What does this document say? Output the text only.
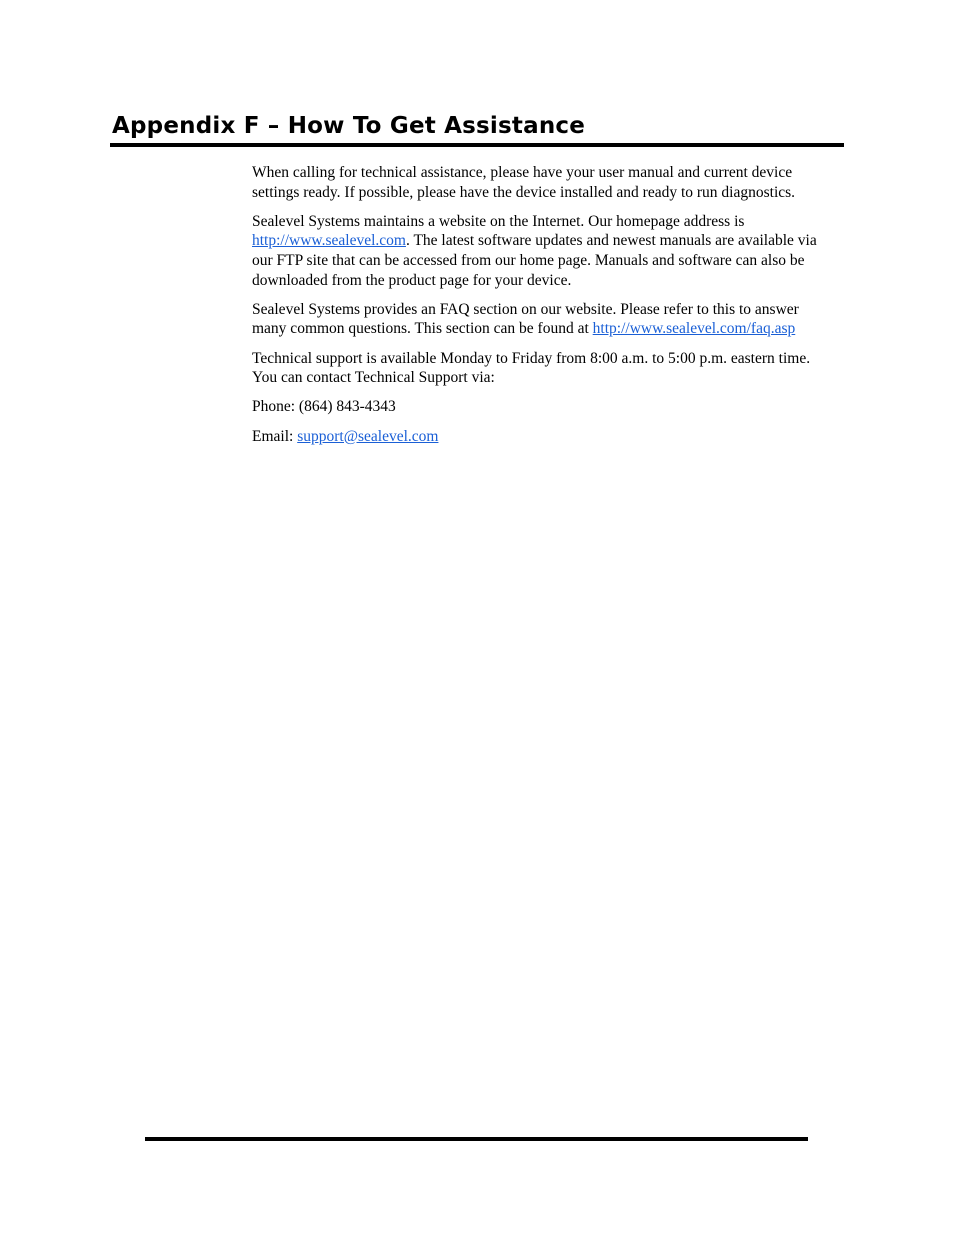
Appendix F – How To Get Assistance

When calling for technical assistance, please have your user manual and current device settings ready. If possible, please have the device installed and ready to run diagnostics.

Sealevel Systems maintains a website on the Internet. Our homepage address is http://www.sealevel.com. The latest software updates and newest manuals are available via our FTP site that can be accessed from our home page. Manuals and software can also be downloaded from the product page for your device.

Sealevel Systems provides an FAQ section on our website. Please refer to this to answer many common questions. This section can be found at http://www.sealevel.com/faq.asp

Technical support is available Monday to Friday from 8:00 a.m. to 5:00 p.m. eastern time. You can contact Technical Support via:

Phone: (864) 843-4343

Email: support@sealevel.com
